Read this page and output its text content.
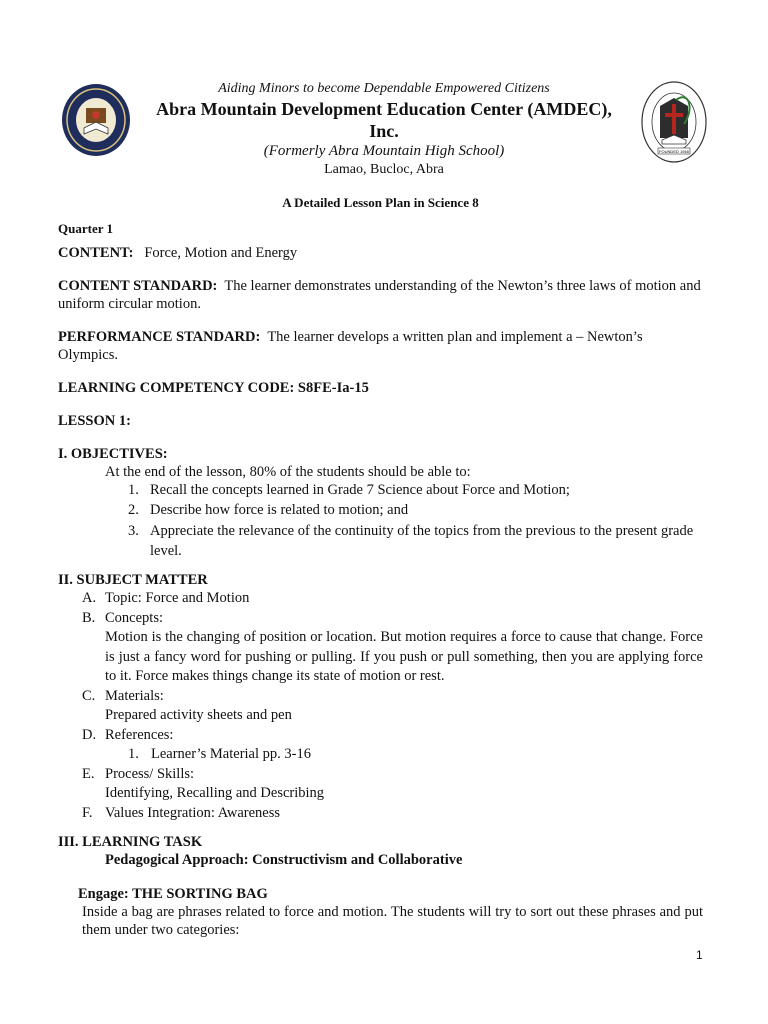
Aiding Minors to become Dependable Empowered Citizens
Abra Mountain Development Education Center (AMDEC), Inc.
(Formerly Abra Mountain High School)
Lamao, Bucloc, Abra
FOUNDED 1948
A Detailed Lesson Plan in Science 8
Quarter 1
CONTENT: Force, Motion and Energy
CONTENT STANDARD: The learner demonstrates understanding of the Newton’s three laws of motion and uniform circular motion.
PERFORMANCE STANDARD: The learner develops a written plan and implement a – Newton’s Olympics.
LEARNING COMPETENCY CODE: S8FE-Ia-15
LESSON 1:
I. OBJECTIVES:
At the end of the lesson, 80% of the students should be able to:
1. Recall the concepts learned in Grade 7 Science about Force and Motion;
2. Describe how force is related to motion; and
3. Appreciate the relevance of the continuity of the topics from the previous to the present grade level.
II. SUBJECT MATTER
A. Topic: Force and Motion
B. Concepts:
Motion is the changing of position or location. But motion requires a force to cause that change. Force is just a fancy word for pushing or pulling. If you push or pull something, then you are applying force to it. Force makes things change its state of motion or rest.
C. Materials:
Prepared activity sheets and pen
D. References:
1. Learner’s Material pp. 3-16
E. Process/ Skills:
Identifying, Recalling and Describing
F. Values Integration: Awareness
III. LEARNING TASK
Pedagogical Approach: Constructivism and Collaborative
Engage: THE SORTING BAG
Inside a bag are phrases related to force and motion. The students will try to sort out these phrases and put them under two categories:
1
